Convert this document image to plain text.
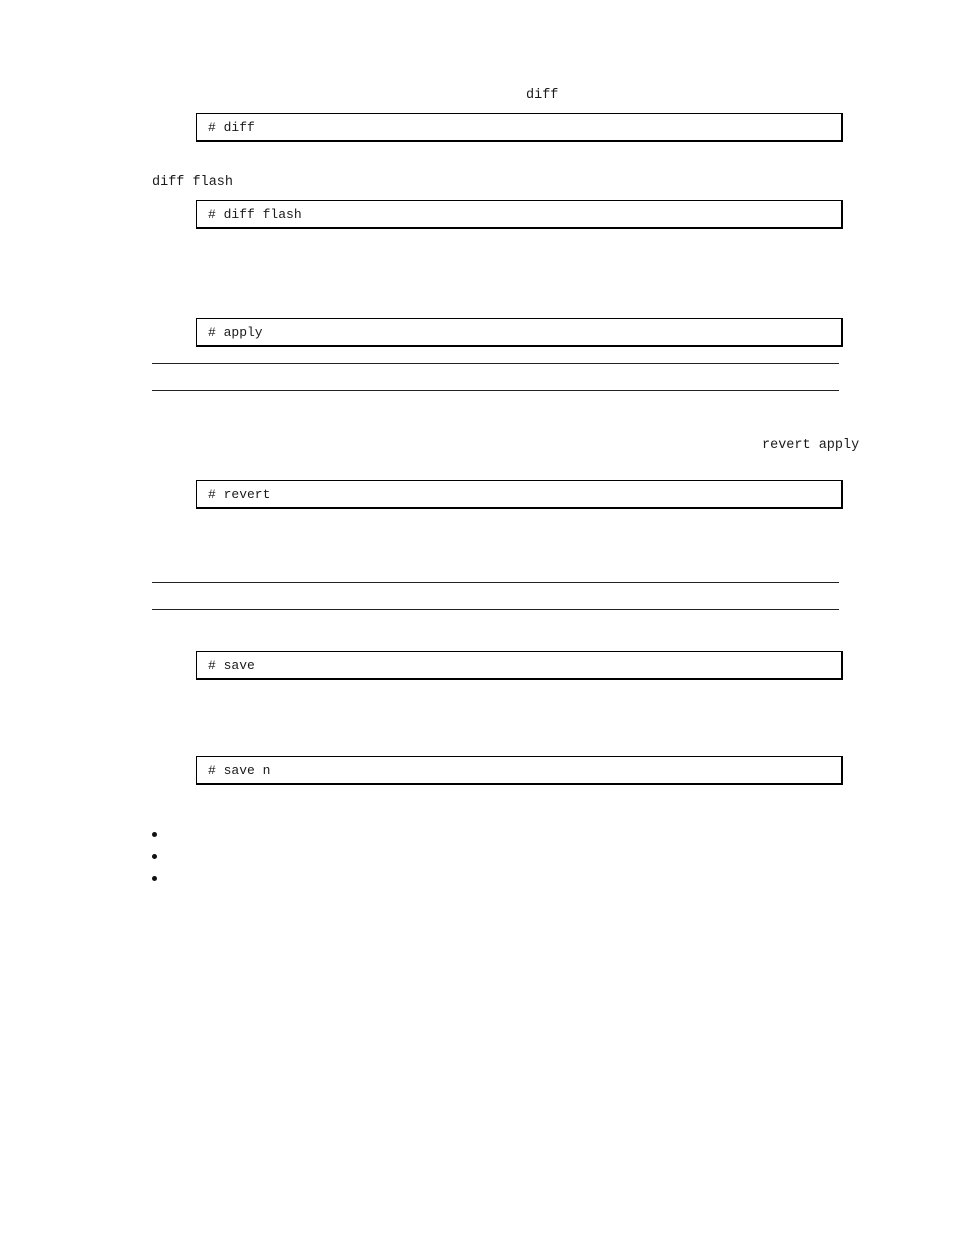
diff
# diff
diff flash
# diff flash
# apply
revert apply
# revert
# save
# save n
